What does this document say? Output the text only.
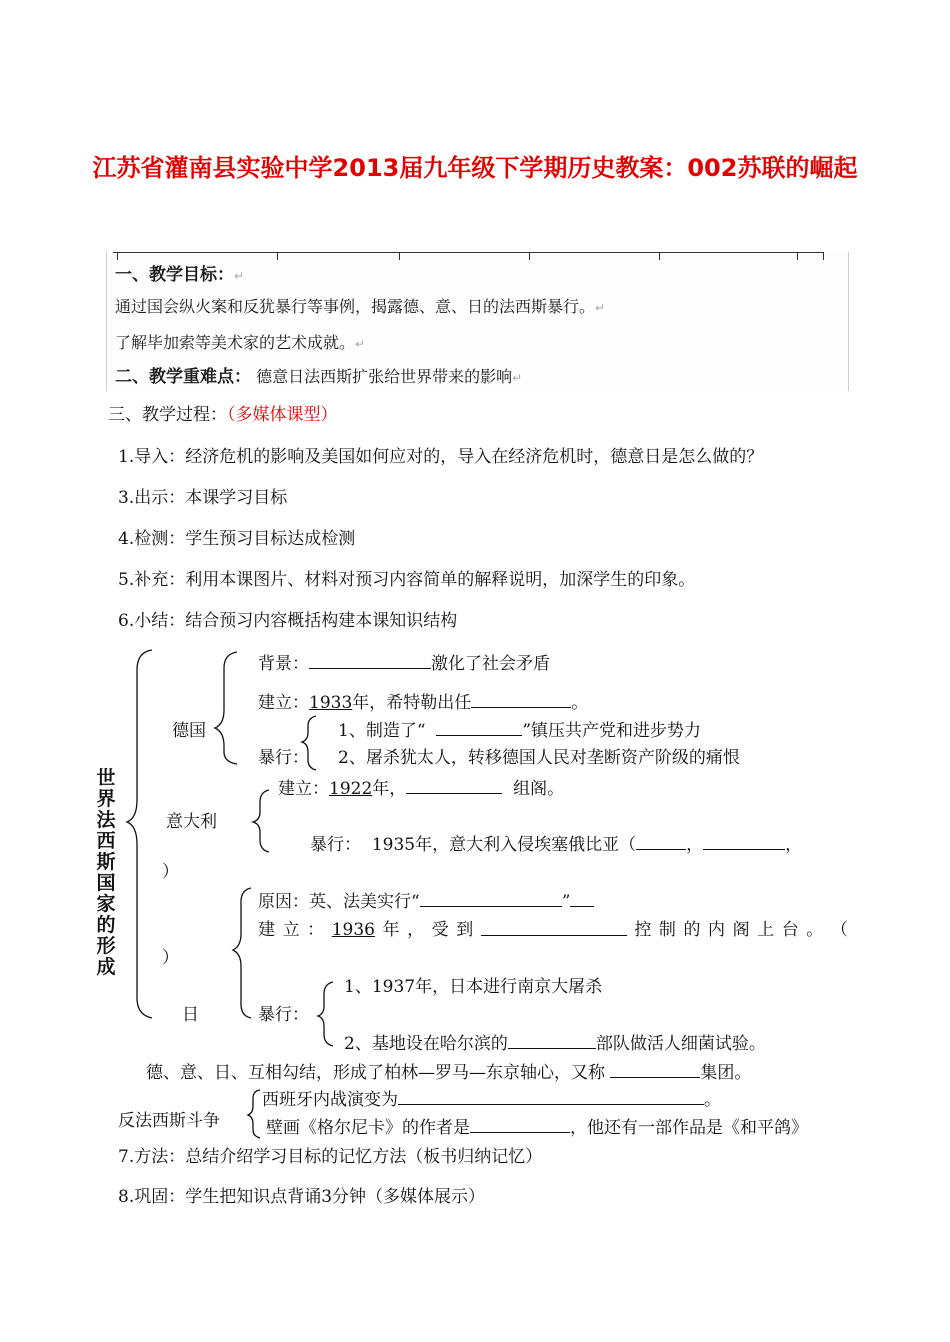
江苏省灌南县实验中学2013届九年级下学期历史教案：002苏联的崛起
一、教学目标：↵
通过国会纵火案和反犹暴行等事例，揭露德、意、日的法西斯暴行。↵
了解毕加索等美术家的艺术成就。↵
二、教学重难点： 德意日法西斯扩张给世界带来的影响↵
三、教学过程：（多媒体课型）
1.导入：经济危机的影响及美国如何应对的，导入在经济危机时，德意日是怎么做的？
3.出示：本课学习目标
4.检测：学生预习目标达成检测
5.补充：利用本课图片、材料对预习内容简单的解释说明，加深学生的印象。
6.小结：结合预习内容概括构建本课知识结构
世界法西斯国家的形成
德国
背景：	激化了社会矛盾
建立：1933年，希特勒出任	。
暴行：
1、制造了“	”镇压共产党和进步势力
2、屠杀犹太人，转移德国人民对垄断资产阶级的痛恨
意大利
建立：1922年，	组阁。
暴行： 1935年，意大利入侵埃塞俄比亚（	，	，
）
日
原因：英、法美实行“	”
建 立 ： 1936 年 ， 受 到	控 制 的 内 阁 上 台 。 （
）
暴行：
1、1937年，日本进行南京大屠杀
2、基地设在哈尔滨的	部队做活人细菌试验。
德、意、日、互相勾结，形成了柏林—罗马—东京轴心，又称	集团。
反法西斯斗争
西班牙内战演变为	。
壁画《格尔尼卡》的作者是	，他还有一部作品是《和平鸽》
7.方法：总结介绍学习目标的记忆方法（板书归纳记忆）
8.巩固：学生把知识点背诵3分钟（多媒体展示）
